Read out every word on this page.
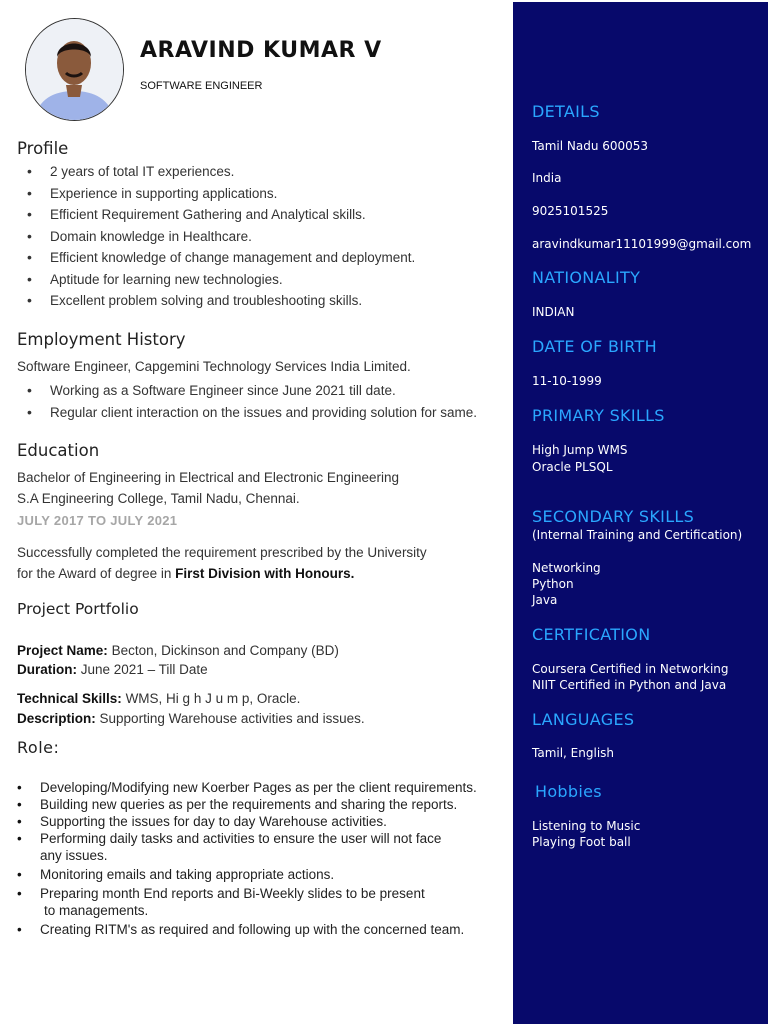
ARAVIND KUMAR V
SOFTWARE ENGINEER
Profile
• 2 years of total IT experiences.
• Experience in supporting applications.
• Efficient Requirement Gathering and Analytical skills.
• Domain knowledge in Healthcare.
• Efficient knowledge of change management and deployment.
• Aptitude for learning new technologies.
• Excellent problem solving and troubleshooting skills.
Employment History
Software Engineer, Capgemini Technology Services India Limited.
• Working as a Software Engineer since June 2021 till date.
• Regular client interaction on the issues and providing solution for same.
Education
Bachelor of Engineering in Electrical and Electronic Engineering
S.A Engineering College, Tamil Nadu, Chennai.
JULY 2017 TO JULY 2021
Successfully completed the requirement prescribed by the University
for the Award of degree in First Division with Honours.
Project Portfolio
Project Name: Becton, Dickinson and Company (BD)
Duration: June 2021 – Till Date
Technical Skills: WMS, Hi g h J u m p, Oracle.
Description: Supporting Warehouse activities and issues.
Role:
• Developing/Modifying new Koerber Pages as per the client requirements.
• Building new queries as per the requirements and sharing the reports.
• Supporting the issues for day to day Warehouse activities.
• Performing daily tasks and activities to ensure the user will not face
any issues.
• Monitoring emails and taking appropriate actions.
• Preparing month End reports and Bi-Weekly slides to be present
to managements.
• Creating RITM's as required and following up with the concerned team.
DETAILS
Tamil Nadu 600053
India
9025101525
aravindkumar11101999@gmail.com
NATIONALITY
INDIAN
DATE OF BIRTH
11-10-1999
PRIMARY SKILLS
High Jump WMS
Oracle PLSQL
SECONDARY SKILLS
(Internal Training and Certification)
Networking
Python
Java
CERTFICATION
Coursera Certified in Networking
NIIT Certified in Python and Java
LANGUAGES
Tamil, English
Hobbies
Listening to Music
Playing Foot ball
